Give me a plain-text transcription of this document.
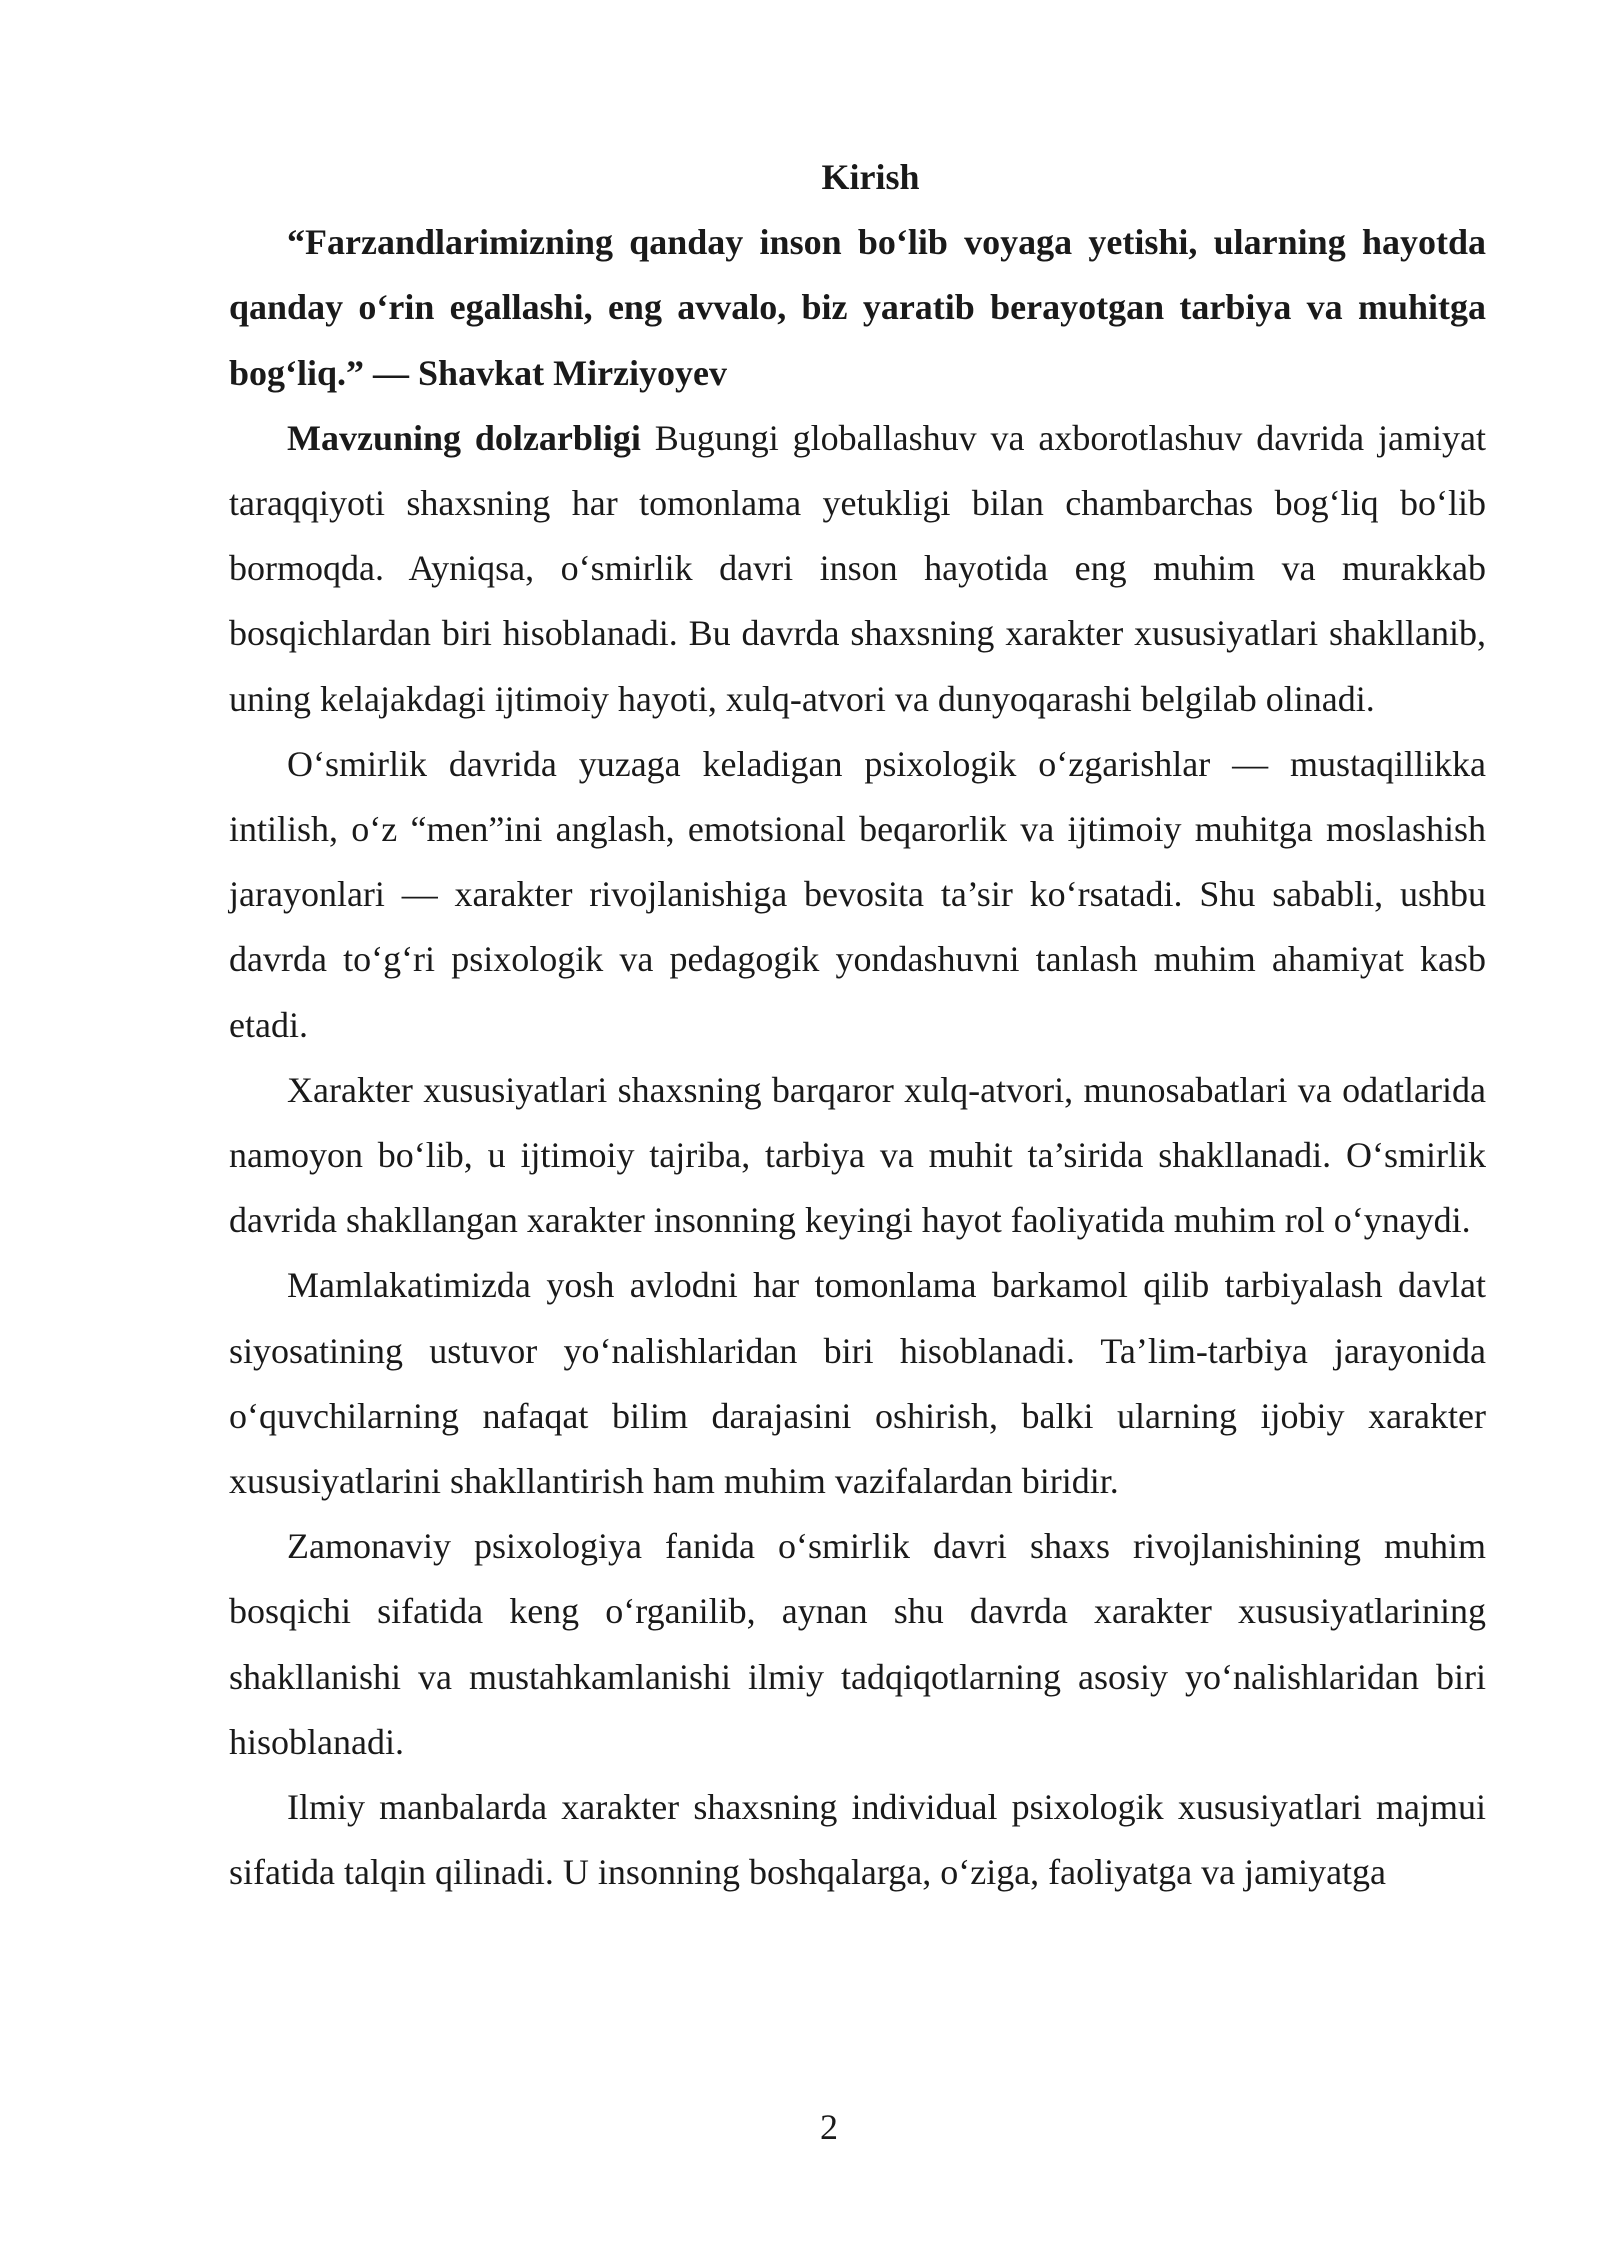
Kirish

“Farzandlarimizning qanday inson bo‘lib voyaga yetishi, ularning hayotda qanday o‘rin egallashi, eng avvalo, biz yaratib berayotgan tarbiya va muhitga bog‘liq.” — Shavkat Mirziyoyev

Mavzuning dolzarbligi Bugungi globallashuv va axborotlashuv davrida jamiyat taraqqiyoti shaxsning har tomonlama yetukligi bilan chambarchas bog‘liq bo‘lib bormoqda. Ayniqsa, o‘smirlik davri inson hayotida eng muhim va murakkab bosqichlardan biri hisoblanadi. Bu davrda shaxsning xarakter xususiyatlari shakllanib, uning kelajakdagi ijtimoiy hayoti, xulq-atvori va dunyoqarashi belgilab olinadi.

O‘smirlik davrida yuzaga keladigan psixologik o‘zgarishlar — mustaqillikka intilish, o‘z “men”ini anglash, emotsional beqarorlik va ijtimoiy muhitga moslashish jarayonlari — xarakter rivojlanishiga bevosita ta’sir ko‘rsatadi. Shu sababli, ushbu davrda to‘g‘ri psixologik va pedagogik yondashuvni tanlash muhim ahamiyat kasb etadi.

Xarakter xususiyatlari shaxsning barqaror xulq-atvori, munosabatlari va odatlarida namoyon bo‘lib, u ijtimoiy tajriba, tarbiya va muhit ta’sirida shakllanadi. O‘smirlik davrida shakllangan xarakter insonning keyingi hayot faoliyatida muhim rol o‘ynaydi.

Mamlakatimizda yosh avlodni har tomonlama barkamol qilib tarbiyalash davlat siyosatining ustuvor yo‘nalishlaridan biri hisoblanadi. Ta’lim-tarbiya jarayonida o‘quvchilarning nafaqat bilim darajasini oshirish, balki ularning ijobiy xarakter xususiyatlarini shakllantirish ham muhim vazifalardan biridir.

Zamonaviy psixologiya fanida o‘smirlik davri shaxs rivojlanishining muhim bosqichi sifatida keng o‘rganilib, aynan shu davrda xarakter xususiyatlarining shakllanishi va mustahkamlanishi ilmiy tadqiqotlarning asosiy yo‘nalishlaridan biri hisoblanadi.

Ilmiy manbalarda xarakter shaxsning individual psixologik xususiyatlari majmui sifatida talqin qilinadi. U insonning boshqalarga, o‘ziga, faoliyatga va jamiyatga

2
